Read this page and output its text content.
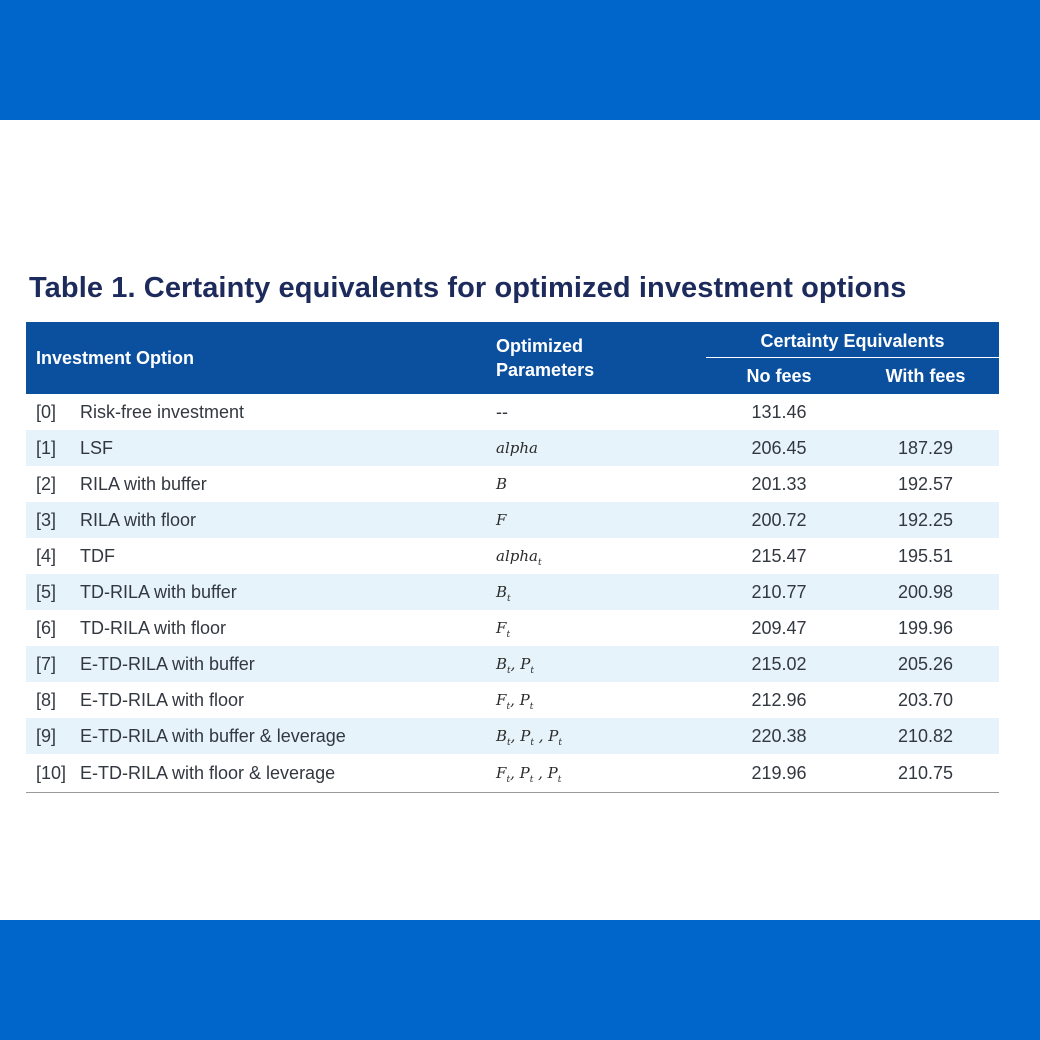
Table 1. Certainty equivalents for optimized investment options
Investment Option		Optimized
Parameters	Certainty Equivalents	

			No fees	With fees
[0]	Risk-free investment	--	131.46	
[1]	LSF	alpha	206.45	187.29
[2]	RILA with buffer	B	201.33	192.57
[3]	RILA with floor	F	200.72	192.25
[4]	TDF	alpha$_t$	215.47	195.51
[5]	TD-RILA with buffer	$B_t$	210.77	200.98
[6]	TD-RILA with floor	$F_t$	209.47	199.96
[7]	E-TD-RILA with buffer	$B_t$, $P_t$	215.02	205.26
[8]	E-TD-RILA with floor	$F_t$, $P_t$	212.96	203.70
[9]	E-TD-RILA with buffer & leverage	$B_t$, $P_t$ , $P_t$	220.38	210.82
[10]	E-TD-RILA with floor & leverage	$F_t$, $P_t$ , $P_t$	219.96	210.75
